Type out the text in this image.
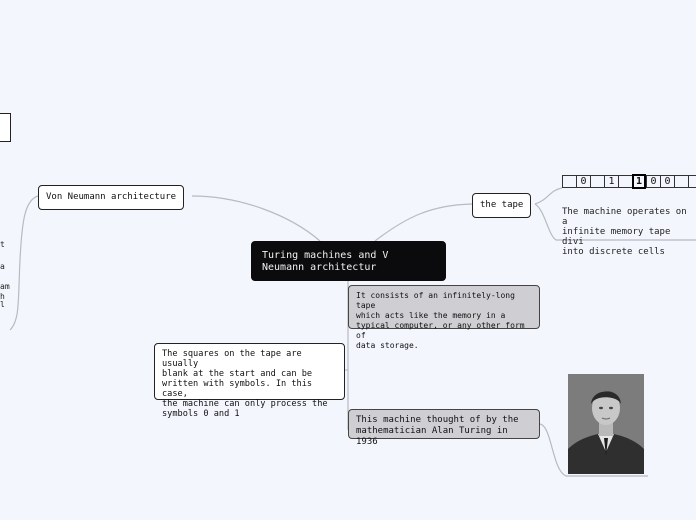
Von Neumann architecture
Turing machines and V
Neumann architectur
the tape
0	1	1 0 0
The machine operates on a
infinite memory tape divi
into discrete cells
It consists of an infinitely-long tape
which acts like the memory in a
typical computer, or any other form of
data storage.
The squares on the tape are usually
blank at the start and can be
written with symbols. In this case,
the machine can only process the
symbols 0 and 1
This machine thought of by the
mathematician Alan Turing in 1936
t
a
am
h
l
